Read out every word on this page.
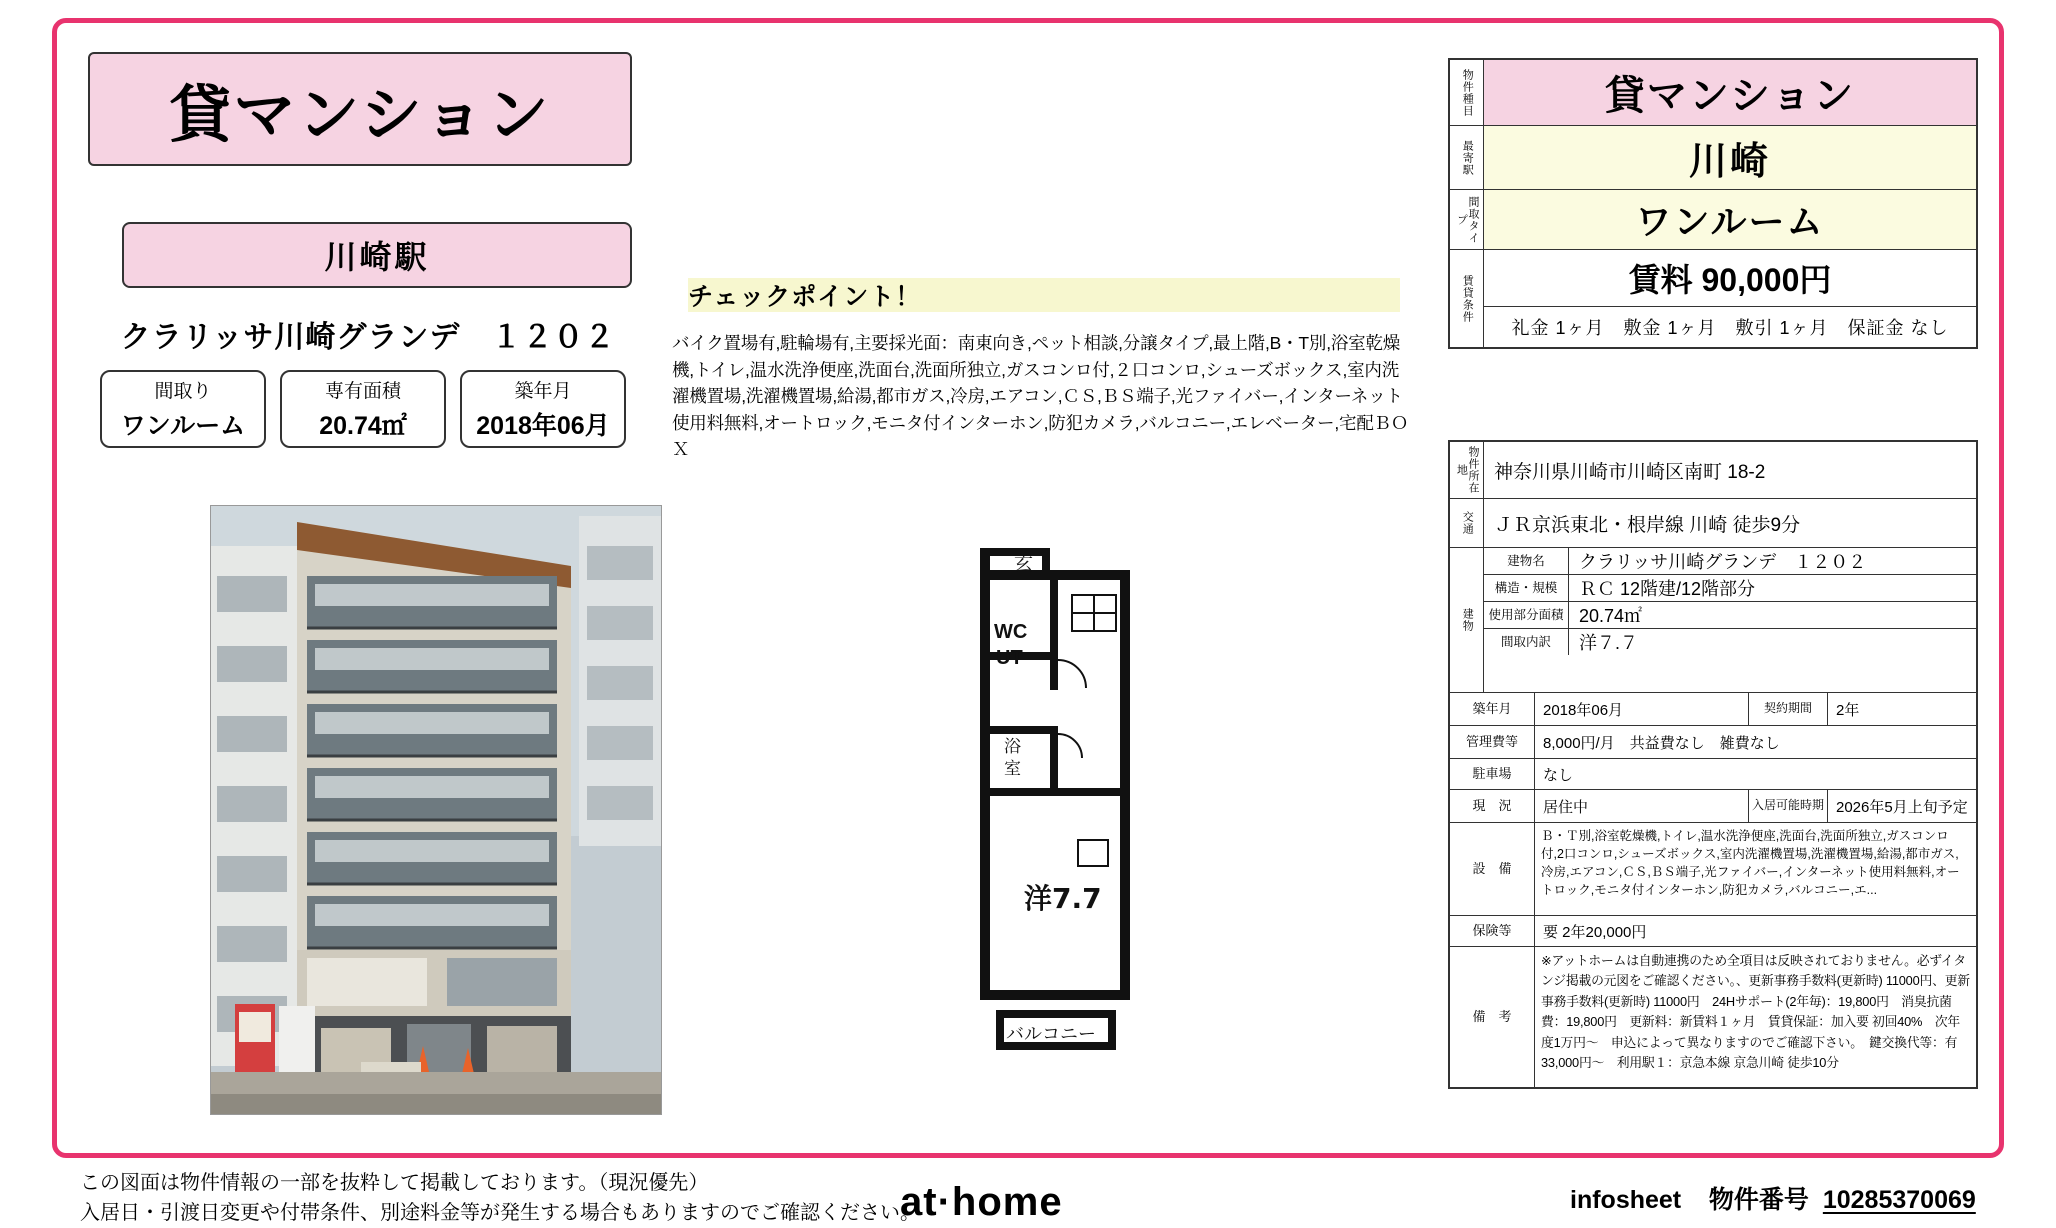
貸マンション
川崎駅
クラリッサ川崎グランデ　１２０２
間取り
ワンルーム
専有面積
20.74㎡
築年月
2018年06月
チェックポイント！
バイク置場有,駐輪場有,主要採光面：南東向き,ペット相談,分譲タイプ,最上階,B・T別,浴室乾燥機,トイレ,温水洗浄便座,洗面台,洗面所独立,ガスコンロ付,２口コンロ,シューズボックス,室内洗濯機置場,洗濯機置場,給湯,都市ガス,冷房,エアコン,ＣＳ,ＢＳ端子,光ファイバー,インターネット使用料無料,オートロック,モニタ付インターホン,防犯カメラ,バルコニー,エレベーター,宅配ＢＯＸ
玄
WC
UT
浴
室
洋7.7
バルコニー
物件種目	貸マンション
最寄駅	川崎
間取タイプ	ワンルーム
賃貸条件	賃料 90,000円
礼金 1ヶ月　敷金 1ヶ月　敷引 1ヶ月　保証金 なし
物件所在地	神奈川県川崎市川崎区南町 18-2
交通 ＪＲ京浜東北・根岸線 川崎 徒歩9分
建物
建物名	クラリッサ川崎グランデ　１２０２
構造・規模	ＲＣ 12階建/12階部分
使用部分面積 20.74㎡
間取内訳	洋７.７
築年月	2018年06月	契約期間	2年
管理費等	8,000円/月　共益費なし　雑費なし
駐車場	なし
現　況	居住中	入居可能時期 2026年5月上旬予定
設　備
Ｂ・Ｔ別,浴室乾燥機,トイレ,温水洗浄便座,洗面台,洗面所独立,ガスコンロ付,2口コンロ,シューズボックス,室内洗濯機置場,洗濯機置場,給湯,都市ガス,冷房,エアコン,ＣＳ,ＢＳ端子,光ファイバー,インターネット使用料無料,オートロック,モニタ付インターホン,防犯カメラ,バルコニー,エ...
保険等	要 2年20,000円
備　考
※アットホームは自動連携のため全項目は反映されておりません。必ずイタンジ掲載の元図をご確認ください。、更新事務手数料(更新時) 11000円、更新事務手数料(更新時) 11000円　24Hサポート(2年毎)：19,800円　消臭抗菌費：19,800円　更新料：新賃料１ヶ月　賃貸保証：加入要 初回40%　次年度1万円～　申込によって異なりますのでご確認下さい。　鍵交換代等：有　33,000円～　利用駅１：京急本線 京急川崎 徒歩10分
この図面は物件情報の一部を抜粋して掲載しております。（現況優先）
入居日・引渡日変更や付帯条件、別途料金等が発生する場合もありますのでご確認ください。
at·home	infosheet 物件番号 10285370069
